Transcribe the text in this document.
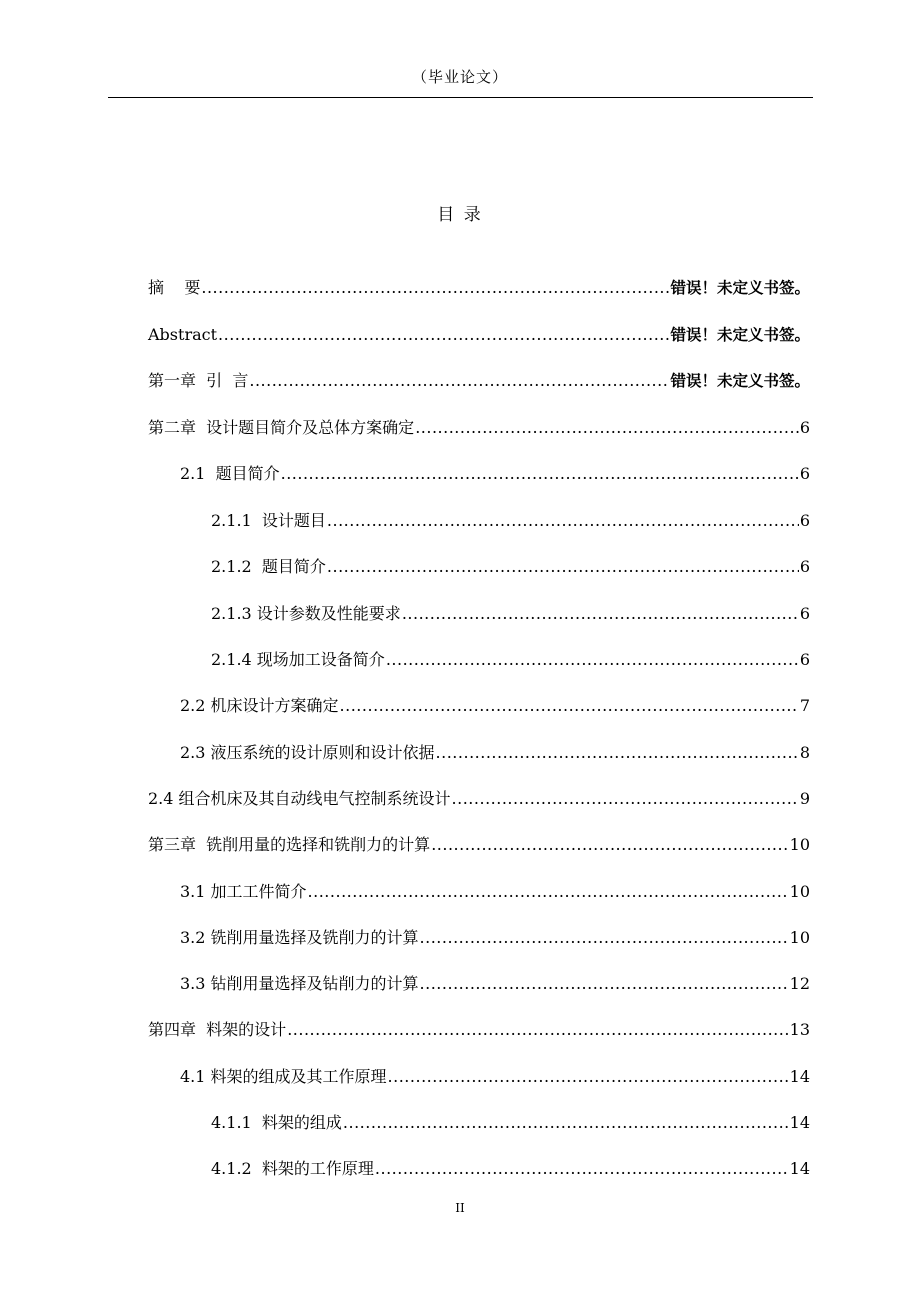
（毕业论文）
目 录
摘    要 .....	错误！未定义书签。
Abstract .....	错误！未定义书签。
第一章  引  言 .....	错误！未定义书签。
第二章  设计题目简介及总体方案确定 .....	6
2.1  题目简介 .....	6
2.1.1  设计题目 .....	6
2.1.2  题目简介 .....	6
2.1.3 设计参数及性能要求 .....	6
2.1.4 现场加工设备简介 .....	6
2.2 机床设计方案确定 .....	7
2.3 液压系统的设计原则和设计依据 .....	8
2.4 组合机床及其自动线电气控制系统设计 .....	9
第三章  铣削用量的选择和铣削力的计算 .....	10
3.1 加工工件简介 .....	10
3.2 铣削用量选择及铣削力的计算 .....	10
3.3 钻削用量选择及钻削力的计算 .....	12
第四章  料架的设计 .....	13
4.1 料架的组成及其工作原理 .....	14
4.1.1  料架的组成 .....	14
4.1.2  料架的工作原理 .....	14
II
